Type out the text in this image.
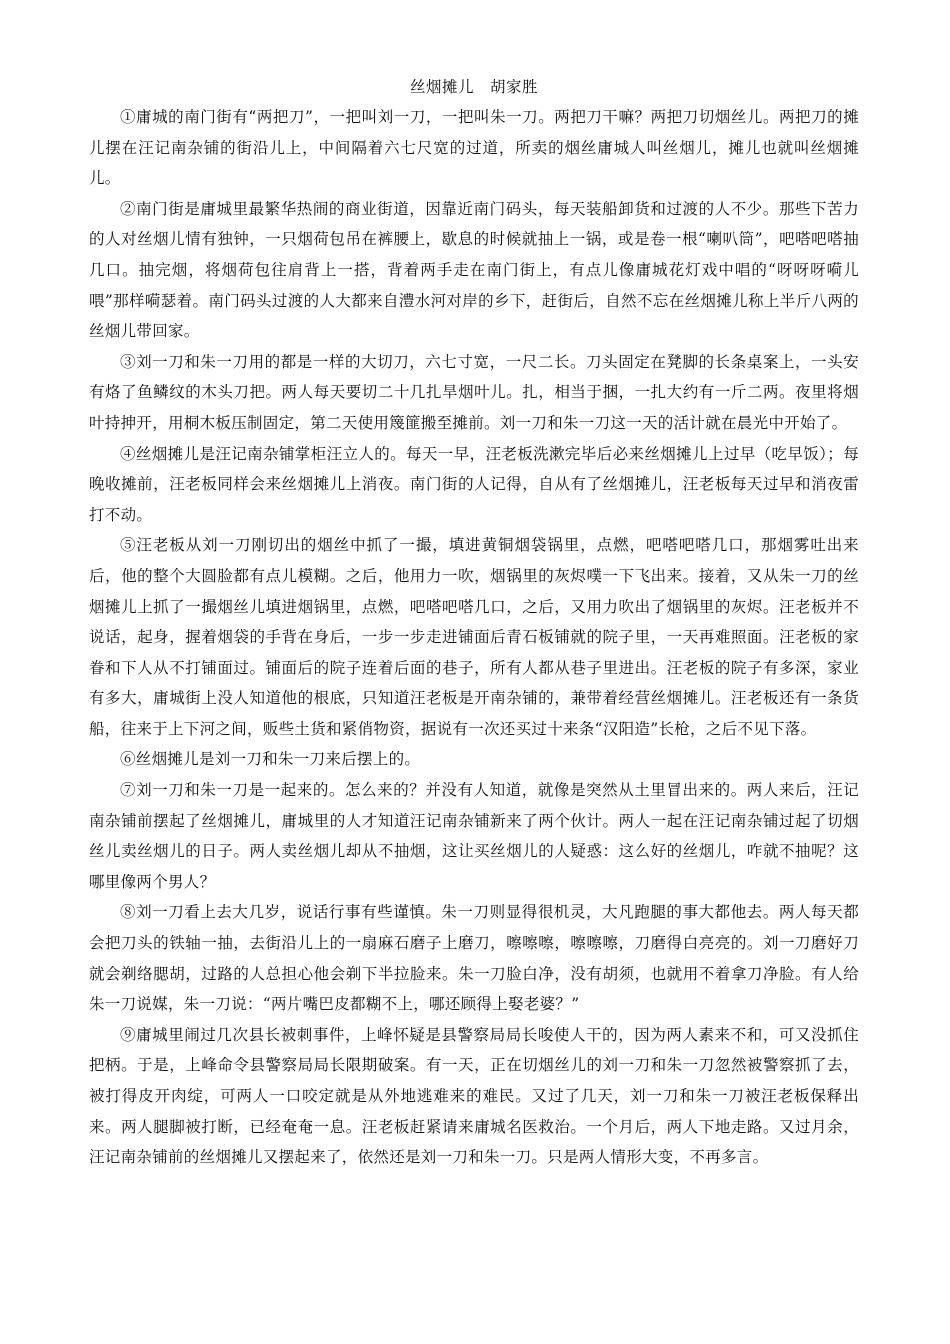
丝烟摊儿　胡家胜

①庸城的南门街有“两把刀”，一把叫刘一刀，一把叫朱一刀。两把刀干嘛？两把刀切烟丝儿。两把刀的摊儿摆在汪记南杂铺的街沿儿上，中间隔着六七尺宽的过道，所卖的烟丝庸城人叫丝烟儿，摊儿也就叫丝烟摊儿。

②南门街是庸城里最繁华热闹的商业街道，因靠近南门码头，每天装船卸货和过渡的人不少。那些下苦力的人对丝烟儿情有独钟，一只烟荷包吊在裤腰上，歇息的时候就抽上一锅，或是卷一根“喇叭筒”，吧嗒吧嗒抽几口。抽完烟，将烟荷包往肩背上一搭，背着两手走在南门街上，有点儿像庸城花灯戏中唱的“呀呀呀嗬儿喂”那样嗬瑟着。南门码头过渡的人大都来自澧水河对岸的乡下，赶街后，自然不忘在丝烟摊儿称上半斤八两的丝烟儿带回家。

③刘一刀和朱一刀用的都是一样的大切刀，六七寸宽，一尺二长。刀头固定在凳脚的长条桌案上，一头安有烙了鱼鳞纹的木头刀把。两人每天要切二十几扎旱烟叶儿。扎，相当于捆，一扎大约有一斤二两。夜里将烟叶持抻开，用桐木板压制固定，第二天使用篾篚搬至摊前。刘一刀和朱一刀这一天的活计就在晨光中开始了。

④丝烟摊儿是汪记南杂铺掌柜汪立人的。每天一早，汪老板洗漱完毕后必来丝烟摊儿上过早（吃早饭）；每晚收摊前，汪老板同样会来丝烟摊儿上消夜。南门街的人记得，自从有了丝烟摊儿，汪老板每天过早和消夜雷打不动。

⑤汪老板从刘一刀刚切出的烟丝中抓了一撮，填进黄铜烟袋锅里，点燃，吧嗒吧嗒几口，那烟雾吐出来后，他的整个大圆脸都有点儿模糊。之后，他用力一吹，烟锅里的灰烬噗一下飞出来。接着，又从朱一刀的丝烟摊儿上抓了一撮烟丝儿填进烟锅里，点燃，吧嗒吧嗒几口，之后，又用力吹出了烟锅里的灰烬。汪老板并不说话，起身，握着烟袋的手背在身后，一步一步走进铺面后青石板铺就的院子里，一天再难照面。汪老板的家眷和下人从不打铺面过。铺面后的院子连着后面的巷子，所有人都从巷子里进出。汪老板的院子有多深，家业有多大，庸城街上没人知道他的根底，只知道汪老板是开南杂铺的，兼带着经营丝烟摊儿。汪老板还有一条货船，往来于上下河之间，贩些土货和紧俏物资，据说有一次还买过十来条“汉阳造”长枪，之后不见下落。

⑥丝烟摊儿是刘一刀和朱一刀来后摆上的。

⑦刘一刀和朱一刀是一起来的。怎么来的？并没有人知道，就像是突然从土里冒出来的。两人来后，汪记南杂铺前摆起了丝烟摊儿，庸城里的人才知道汪记南杂铺新来了两个伙计。两人一起在汪记南杂铺过起了切烟丝儿卖丝烟儿的日子。两人卖丝烟儿却从不抽烟，这让买丝烟儿的人疑惑：这么好的丝烟儿，咋就不抽呢？这哪里像两个男人？

⑧刘一刀看上去大几岁，说话行事有些谨慎。朱一刀则显得很机灵，大凡跑腿的事大都他去。两人每天都会把刀头的铁轴一抽，去街沿儿上的一扇麻石磨子上磨刀，嚓嚓嚓，嚓嚓嚓，刀磨得白亮亮的。刘一刀磨好刀就会剃络腮胡，过路的人总担心他会剃下半拉脸来。朱一刀脸白净，没有胡须，也就用不着拿刀净脸。有人给朱一刀说媒，朱一刀说：“两片嘴巴皮都糊不上，哪还顾得上娶老婆？”

⑨庸城里闹过几次县长被刺事件，上峰怀疑是县警察局局长唆使人干的，因为两人素来不和，可又没抓住把柄。于是，上峰命令县警察局局长限期破案。有一天，正在切烟丝儿的刘一刀和朱一刀忽然被警察抓了去，被打得皮开肉绽，可两人一口咬定就是从外地逃难来的难民。又过了几天，刘一刀和朱一刀被汪老板保释出来。两人腿脚被打断，已经奄奄一息。汪老板赶紧请来庸城名医救治。一个月后，两人下地走路。又过月余，汪记南杂铺前的丝烟摊儿又摆起来了，依然还是刘一刀和朱一刀。只是两人情形大变，不再多言。
